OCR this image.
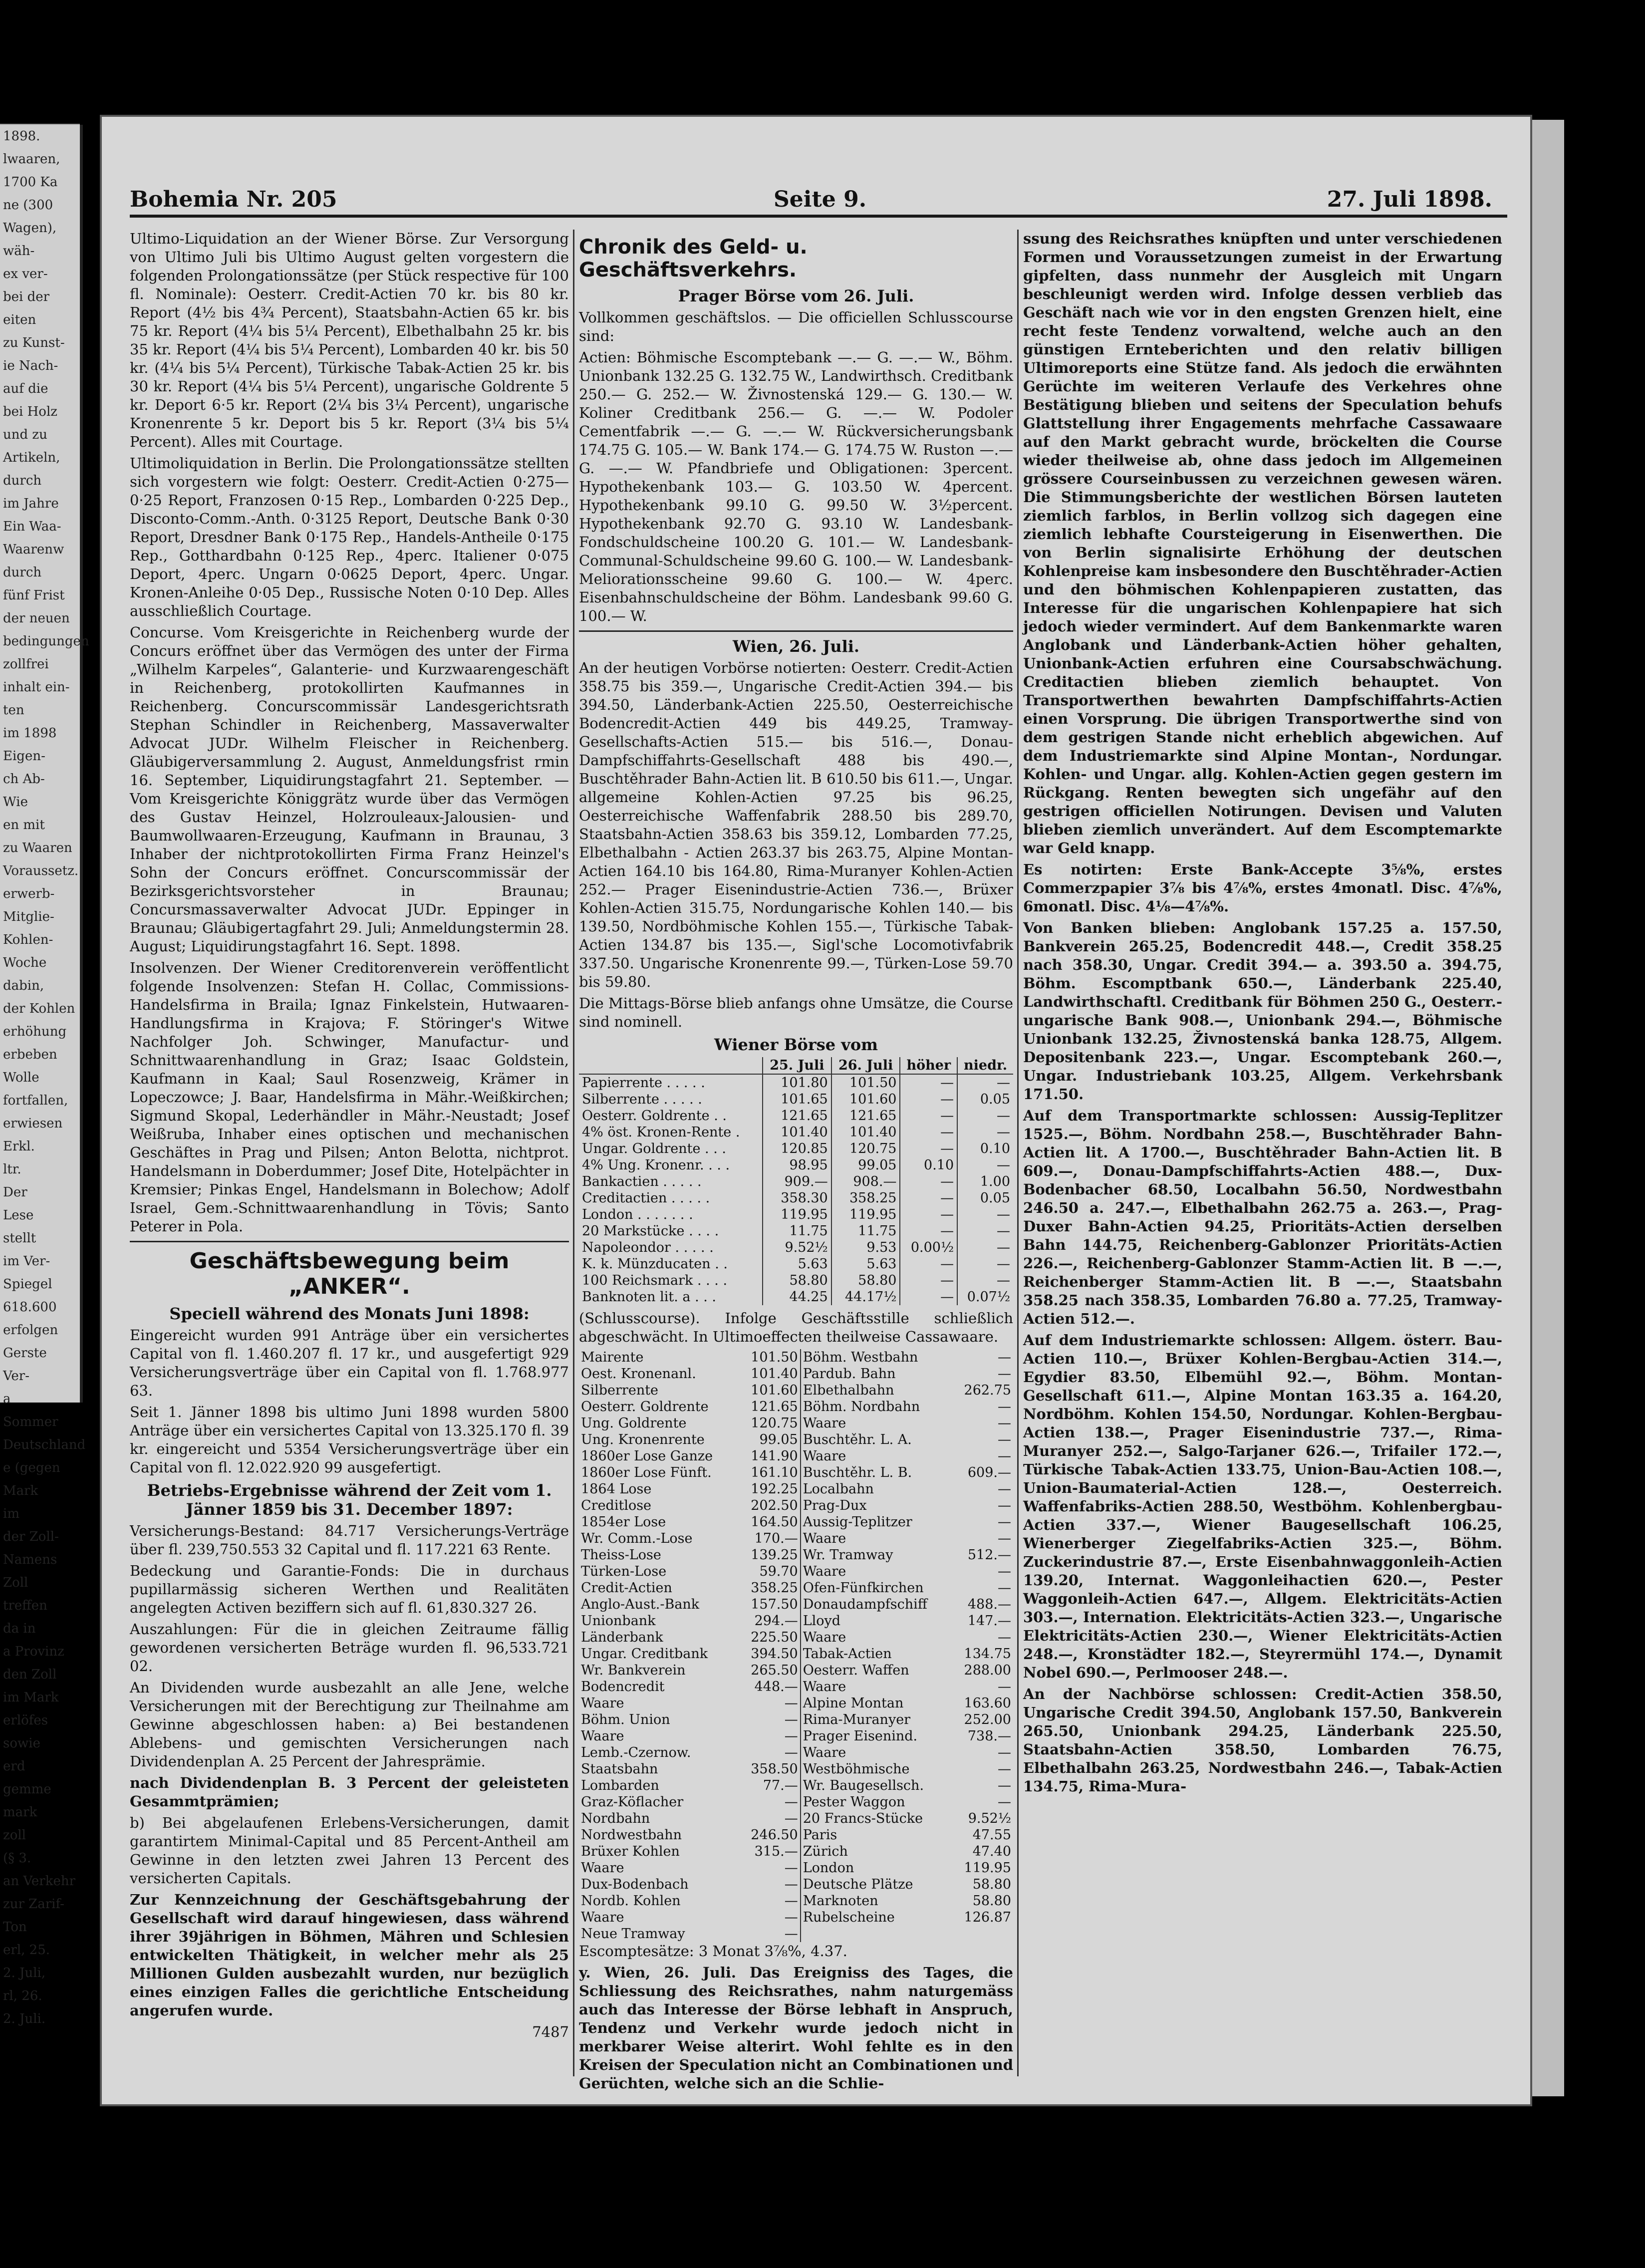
1898.
lwaaren,
1700 Ka
ne (300
Wagen),
wäh-
ex ver-
bei der
eiten
zu Kunst-
ie Nach-
auf die
bei Holz
und zu
Artikeln,
durch
im Jahre
Ein Waa-
Waarenw
durch
fünf Frist
der neuen
bedingungen
zollfrei
inhalt ein-
ten
im 1898
Eigen-
ch Ab-
Wie
en mit
zu Waaren
Voraussetz.
erwerb-
Mitglie-
Kohlen-
Woche
dabin,
der Kohlen
erhöhung
erbeben
Wolle
fortfallen,
erwiesen
Erkl.
ltr.
Der
Lese
stellt
im Ver-
Spiegel
618.600
erfolgen
Gerste
Ver-
a
Sommer
Deutschland
e (gegen
Mark
im
der Zoll-
Namens
Zoll
treffen
da in
a Provinz
den Zoll
im Mark
erlöfes
sowie
erd
gemme
mark
zoll
(§ 3.
an Verkehr
zur Zarif-
Ton
erl, 25.
2. Juli,
rl, 26.
2. Juli.
Bohemia Nr. 205	Seite 9.	27. Juli 1898.

Ultimo-Liquidation an der Wiener Börse. Zur Versorgung von Ultimo Juli bis Ultimo August gelten vorgestern die folgenden Prolongationssätze (per Stück respective für 100 fl. Nominale): Oesterr. Credit-Actien 70 kr. bis 80 kr. Report (4½ bis 4¾ Percent), Staatsbahn-Actien 65 kr. bis 75 kr. Report (4¼ bis 5¼ Percent), Elbethalbahn 25 kr. bis 35 kr. Report (4¼ bis 5¼ Percent), Lombarden 40 kr. bis 50 kr. (4¼ bis 5¼ Percent), Türkische Tabak-Actien 25 kr. bis 30 kr. Report (4¼ bis 5¼ Percent), ungarische Goldrente 5 kr. Deport 6·5 kr. Report (2¼ bis 3¼ Percent), ungarische Kronenrente 5 kr. Deport bis 5 kr. Report (3¼ bis 5¼ Percent). Alles mit Courtage.

Ultimoliquidation in Berlin. Die Prolongationssätze stellten sich vorgestern wie folgt: Oesterr. Credit-Actien 0·275—0·25 Report, Franzosen 0·15 Rep., Lombarden 0·225 Dep., Disconto-Comm.-Anth. 0·3125 Report, Deutsche Bank 0·30 Report, Dresdner Bank 0·175 Rep., Handels-Antheile 0·175 Rep., Gotthardbahn 0·125 Rep., 4perc. Italiener 0·075 Deport, 4perc. Ungarn 0·0625 Deport, 4perc. Ungar. Kronen-Anleihe 0·05 Dep., Russische Noten 0·10 Dep. Alles ausschließlich Courtage.

Concurse. Vom Kreisgerichte in Reichenberg wurde der Concurs eröffnet über das Vermögen des unter der Firma „Wilhelm Karpeles“, Galanterie- und Kurzwaarengeschäft in Reichenberg, protokollirten Kaufmannes in Reichenberg. Concurscommissär Landesgerichtsrath Stephan Schindler in Reichenberg, Massaverwalter Advocat JUDr. Wilhelm Fleischer in Reichenberg. Gläubigerversammlung 2. August, Anmeldungsfrist rmin 16. September, Liquidirungstagfahrt 21. September. — Vom Kreisgerichte Königgrätz wurde über das Vermögen des Gustav Heinzel, Holzrouleaux-Jalousien- und Baumwollwaaren-Erzeugung, Kaufmann in Braunau, 3 Inhaber der nichtprotokollirten Firma Franz Heinzel's Sohn der Concurs eröffnet. Concurscommissär der Bezirksgerichtsvorsteher in Braunau; Concursmassaverwalter Advocat JUDr. Eppinger in Braunau; Gläubigertagfahrt 29. Juli; Anmeldungstermin 28. August; Liquidirungstagfahrt 16. Sept. 1898.

Insolvenzen. Der Wiener Creditorenverein veröffentlicht folgende Insolvenzen: Stefan H. Collac, Commissions-Handelsfirma in Braila; Ignaz Finkelstein, Hutwaaren-Handlungsfirma in Krajova; F. Störinger's Witwe Nachfolger Joh. Schwinger, Manufactur- und Schnittwaarenhandlung in Graz; Isaac Goldstein, Kaufmann in Kaal; Saul Rosenzweig, Krämer in Lopeczowce; J. Baar, Handelsfirma in Mähr.-Weißkirchen; Sigmund Skopal, Lederhändler in Mähr.-Neustadt; Josef Weißruba, Inhaber eines optischen und mechanischen Geschäftes in Prag und Pilsen; Anton Belotta, nichtprot. Handelsmann in Doberdummer; Josef Dite, Hotelpächter in Kremsier; Pinkas Engel, Handelsmann in Bolechow; Adolf Israel, Gem.-Schnittwaarenhandlung in Tövis; Santo Peterer in Pola.

Geschäftsbewegung beim „ANKER“.
Speciell während des Monats Juni 1898:

Eingereicht wurden 991 Anträge über ein versichertes Capital von fl. 1.460.207 fl. 17 kr., und ausgefertigt 929 Versicherungsverträge über ein Capital von fl. 1.768.977 63.

Seit 1. Jänner 1898 bis ultimo Juni 1898 wurden 5800 Anträge über ein versichertes Capital von 13.325.170 fl. 39 kr. eingereicht und 5354 Versicherungsverträge über ein Capital von fl. 12.022.920 99 ausgefertigt.

Betriebs-Ergebnisse während der Zeit vom 1. Jänner 1859 bis 31. December 1897:

Versicherungs-Bestand: 84.717 Versicherungs-Verträge über fl. 239,750.553 32 Capital und fl. 117.221 63 Rente.

Bedeckung und Garantie-Fonds: Die in durchaus pupillarmässig sicheren Werthen und Realitäten angelegten Activen beziffern sich auf fl. 61,830.327 26.

Auszahlungen: Für die in gleichen Zeitraume fällig gewordenen versicherten Beträge wurden fl. 96,533.721 02.

An Dividenden wurde ausbezahlt an alle Jene, welche Versicherungen mit der Berechtigung zur Theilnahme am Gewinne abgeschlossen haben: a) Bei bestandenen Ablebens- und gemischten Versicherungen nach Dividendenplan A. 25 Percent der Jahresprämie.

nach Dividendenplan B. 3 Percent der geleisteten Gesammtprämien;

b) Bei abgelaufenen Erlebens-Versicherungen, damit garantirtem Minimal-Capital und 85 Percent-Antheil am Gewinne in den letzten zwei Jahren 13 Percent des versicherten Capitals.

Zur Kennzeichnung der Geschäftsgebahrung der Gesellschaft wird darauf hingewiesen, dass während ihrer 39jährigen in Böhmen, Mähren und Schlesien entwickelten Thätigkeit, in welcher mehr als 25 Millionen Gulden ausbezahlt wurden, nur bezüglich eines einzigen Falles die gerichtliche Entscheidung angerufen wurde.

7487

Chronik des Geld- u. Geschäftsverkehrs.
Prager Börse vom 26. Juli.

Vollkommen geschäftslos. — Die officiellen Schlusscourse sind:

Actien: Böhmische Escomptebank —.— G. —.— W., Böhm. Unionbank 132.25 G. 132.75 W., Landwirthsch. Creditbank 250.— G. 252.— W. Živnostenská 129.— G. 130.— W. Koliner Creditbank 256.— G. —.— W. Podoler Cementfabrik —.— G. —.— W. Rückversicherungsbank 174.75 G. 105.— W. Bank 174.— G. 174.75 W. Ruston —.— G. —.— W. Pfandbriefe und Obligationen: 3percent. Hypothekenbank 103.— G. 103.50 W. 4percent. Hypothekenbank 99.10 G. 99.50 W. 3½percent. Hypothekenbank 92.70 G. 93.10 W. Landesbank-Fondschuldscheine 100.20 G. 101.— W. Landesbank-Communal-Schuldscheine 99.60 G. 100.— W. Landesbank-Meliorationsscheine 99.60 G. 100.— W. 4perc. Eisenbahnschuldscheine der Böhm. Landesbank 99.60 G. 100.— W.

Wien, 26. Juli.

An der heutigen Vorbörse notierten: Oesterr. Credit-Actien 358.75 bis 359.—, Ungarische Credit-Actien 394.— bis 394.50, Länderbank-Actien 225.50, Oesterreichische Bodencredit-Actien 449 bis 449.25, Tramway-Gesellschafts-Actien 515.— bis 516.—, Donau-Dampfschiffahrts-Gesellschaft 488 bis 490.—, Buschtěhrader Bahn-Actien lit. B 610.50 bis 611.—, Ungar. allgemeine Kohlen-Actien 97.25 bis 96.25, Oesterreichische Waffenfabrik 288.50 bis 289.70, Staatsbahn-Actien 358.63 bis 359.12, Lombarden 77.25, Elbethalbahn - Actien 263.37 bis 263.75, Alpine Montan-Actien 164.10 bis 164.80, Rima-Muranyer Kohlen-Actien 252.— Prager Eisenindustrie-Actien 736.—, Brüxer Kohlen-Actien 315.75, Nordungarische Kohlen 140.— bis 139.50, Nordböhmische Kohlen 155.—, Türkische Tabak-Actien 134.87 bis 135.—, Sigl'sche Locomotivfabrik 337.50. Ungarische Kronenrente 99.—, Türken-Lose 59.70 bis 59.80.

Die Mittags-Börse blieb anfangs ohne Umsätze, die Course sind nominell.

Wiener Börse vom
	25. Juli	26. Juli	höher	niedr.
Papierrente . . . . .	101.80	101.50	—	—
Silberrente . . . . .	101.65	101.60	—	0.05
Oesterr. Goldrente . .	121.65	121.65	—	—
4% öst. Kronen-Rente .	101.40	101.40	—	—
Ungar. Goldrente . . .	120.85	120.75	—	0.10
4% Ung. Kronenr. . . .	98.95	99.05	0.10	—
Bankactien . . . . .	909.—	908.—	—	1.00
Creditactien . . . . .	358.30	358.25	—	0.05
London . . . . . . .	119.95	119.95	—	—
20 Markstücke . . . .	11.75	11.75	—	—
Napoleondor . . . . .	9.52½	9.53	0.00½	—
K. k. Münzducaten . .	5.63	5.63	—	—
100 Reichsmark . . . .	58.80	58.80	—	—
Banknoten lit. a . . .	44.25	44.17½	—	0.07½

(Schlusscourse). Infolge Geschäftsstille schließlich abgeschwächt. In Ultimoeffecten theilweise Cassawaare.

Mairente	101.50	Böhm. Westbahn	—
Oest. Kronenanl.	101.40	Pardub. Bahn	—
Silberrente	101.60	Elbethalbahn	262.75
Oesterr. Goldrente	121.65	Böhm. Nordbahn	—
Ung. Goldrente	120.75	Waare	—
Ung. Kronenrente	99.05	Buschtěhr. L. A.	—
1860er Lose Ganze	141.90	Waare	—
1860er Lose Fünft.	161.10	Buschtěhr. L. B.	609.—
1864 Lose	192.25	Localbahn	—
Creditlose	202.50	Prag-Dux	—
1854er Lose	164.50	Aussig-Teplitzer	—
Wr. Comm.-Lose	170.—	Waare	—
Theiss-Lose	139.25	Wr. Tramway	512.—
Türken-Lose	59.70	Waare	—
Credit-Actien	358.25	Ofen-Fünfkirchen	—
Anglo-Aust.-Bank	157.50	Donaudampfschiff	488.—
Unionbank	294.—	Lloyd	147.—
Länderbank	225.50	Waare	—
Ungar. Creditbank	394.50	Tabak-Actien	134.75
Wr. Bankverein	265.50	Oesterr. Waffen	288.00
Bodencredit	448.—	Waare	—
Waare	—	Alpine Montan	163.60
Böhm. Union	—	Rima-Muranyer	252.00
Waare	—	Prager Eisenind.	738.—
Lemb.-Czernow.	—	Waare	—
Staatsbahn	358.50	Westböhmische	—
Lombarden	77.—	Wr. Baugesellsch.	—
Graz-Köflacher	—	Pester Waggon	—
Nordbahn	—	20 Francs-Stücke	9.52½
Nordwestbahn	246.50	Paris	47.55
Brüxer Kohlen	315.—	Zürich	47.40
Waare	—	London	119.95
Dux-Bodenbach	—	Deutsche Plätze	58.80
Nordb. Kohlen	—	Marknoten	58.80
Waare	—	Rubelscheine	126.87
Neue Tramway	—		

Escomptesätze: 3 Monat 3⅞%, 4.37.

y. Wien, 26. Juli. Das Ereigniss des Tages, die Schliessung des Reichsrathes, nahm naturgemäss auch das Interesse der Börse lebhaft in Anspruch, Tendenz und Verkehr wurde jedoch nicht in merkbarer Weise alterirt. Wohl fehlte es in den Kreisen der Speculation nicht an Combinationen und Gerüchten, welche sich an die Schlie-

ssung des Reichsrathes knüpften und unter verschiedenen Formen und Voraussetzungen zumeist in der Erwartung gipfelten, dass nunmehr der Ausgleich mit Ungarn beschleunigt werden wird. Infolge dessen verblieb das Geschäft nach wie vor in den engsten Grenzen hielt, eine recht feste Tendenz vorwaltend, welche auch an den günstigen Ernteberichten und den relativ billigen Ultimoreports eine Stütze fand. Als jedoch die erwähnten Gerüchte im weiteren Verlaufe des Verkehres ohne Bestätigung blieben und seitens der Speculation behufs Glattstellung ihrer Engagements mehrfache Cassawaare auf den Markt gebracht wurde, bröckelten die Course wieder theilweise ab, ohne dass jedoch im Allgemeinen grössere Coursеinbussen zu verzeichnen gewesen wären. Die Stimmungsberichte der westlichen Börsen lauteten ziemlich farblos, in Berlin vollzog sich dagegen eine ziemlich lebhafte Coursteigerung in Eisenwerthen. Die von Berlin signalisirte Erhöhung der deutschen Kohlenpreise kam insbesondere den Buschtěhrader-Actien und den böhmischen Kohlenpapieren zustatten, das Interesse für die ungarischen Kohlenpapiere hat sich jedoch wieder vermindert. Auf dem Bankenmarkte waren Anglobank und Länderbank-Actien höher gehalten, Unionbank-Actien erfuhren eine Coursabschwächung. Creditactien blieben ziemlich behauptet. Von Transportwerthen bewahrten Dampfschiffahrts-Actien einen Vorsprung. Die übrigen Transportwerthe sind von dem gestrigen Stande nicht erheblich abgewichen. Auf dem Industriemarkte sind Alpine Montan-, Nordungar. Kohlen- und Ungar. allg. Kohlen-Actien gegen gestern im Rückgang. Renten bewegten sich ungefähr auf den gestrigen officiellen Notirungen. Devisen und Valuten blieben ziemlich unverändert. Auf dem Escomptemarkte war Geld knapp.

Es notirten: Erste Bank-Accepte 3⅝%, erstes Commerzpapier 3⅞ bis 4⅞%, erstes 4monatl. Disc. 4⅞%, 6monatl. Disc. 4⅛—4⅞%.

Von Banken blieben: Anglobank 157.25 a. 157.50, Bankverein 265.25, Bodencredit 448.—, Credit 358.25 nach 358.30, Ungar. Credit 394.— a. 393.50 a. 394.75, Böhm. Escomptbank 650.—, Länderbank 225.40, Landwirthschaftl. Creditbank für Böhmen 250 G., Oesterr.-ungarische Bank 908.—, Unionbank 294.—, Böhmische Unionbank 132.25, Živnostenská banka 128.75, Allgem. Depositenbank 223.—, Ungar. Escomptebank 260.—, Ungar. Industriebank 103.25, Allgem. Verkehrsbank 171.50.

Auf dem Transportmarkte schlossen: Aussig-Teplitzer 1525.—, Böhm. Nordbahn 258.—, Buschtěhrader Bahn-Actien lit. A 1700.—, Buschtěhrader Bahn-Actien lit. B 609.—, Donau-Dampfschiffahrts-Actien 488.—, Dux-Bodenbacher 68.50, Localbahn 56.50, Nordwestbahn 246.50 a. 247.—, Elbethalbahn 262.75 a. 263.—, Prag-Duxer Bahn-Actien 94.25, Prioritäts-Actien derselben Bahn 144.75, Reichenberg-Gablonzer Prioritäts-Actien 226.—, Reichenberg-Gablonzer Stamm-Actien lit. B —.—, Reichenberger Stamm-Actien lit. B —.—, Staatsbahn 358.25 nach 358.35, Lombarden 76.80 a. 77.25, Tramway-Actien 512.—.

Auf dem Industriemarkte schlossen: Allgem. österr. Bau-Actien 110.—, Brüxer Kohlen-Bergbau-Actien 314.—, Egydier 83.50, Elbemühl 92.—, Böhm. Montan-Gesellschaft 611.—, Alpine Montan 163.35 a. 164.20, Nordböhm. Kohlen 154.50, Nordungar. Kohlen-Bergbau-Actien 138.—, Prager Eisenindustrie 737.—, Rima-Muranyer 252.—, Salgo-Tarjaner 626.—, Trifailer 172.—, Türkische Tabak-Actien 133.75, Union-Bau-Actien 108.—, Union-Baumaterial-Actien 128.—, Oesterreich. Waffenfabriks-Actien 288.50, Westböhm. Kohlenbergbau-Actien 337.—, Wiener Baugesellschaft 106.25, Wienerberger Ziegelfabriks-Actien 325.—, Böhm. Zuckerindustrie 87.—, Erste Eisenbahnwaggonleih-Actien 139.20, Internat. Waggonleihactien 620.—, Pester Waggonleih-Actien 647.—, Allgem. Elektricitäts-Actien 303.—, Internation. Elektricitäts-Actien 323.—, Ungarische Elektricitäts-Actien 230.—, Wiener Elektricitäts-Actien 248.—, Kronstädter 182.—, Steyrermühl 174.—, Dynamit Nobel 690.—, Perlmooser 248.—.

An der Nachbörse schlossen: Credit-Actien 358.50, Ungarische Credit 394.50, Anglobank 157.50, Bankverein 265.50, Unionbank 294.25, Länderbank 225.50, Staatsbahn-Actien 358.50, Lombarden 76.75, Elbethalbahn 263.25, Nordwestbahn 246.—, Tabak-Actien 134.75, Rima-Mura-
